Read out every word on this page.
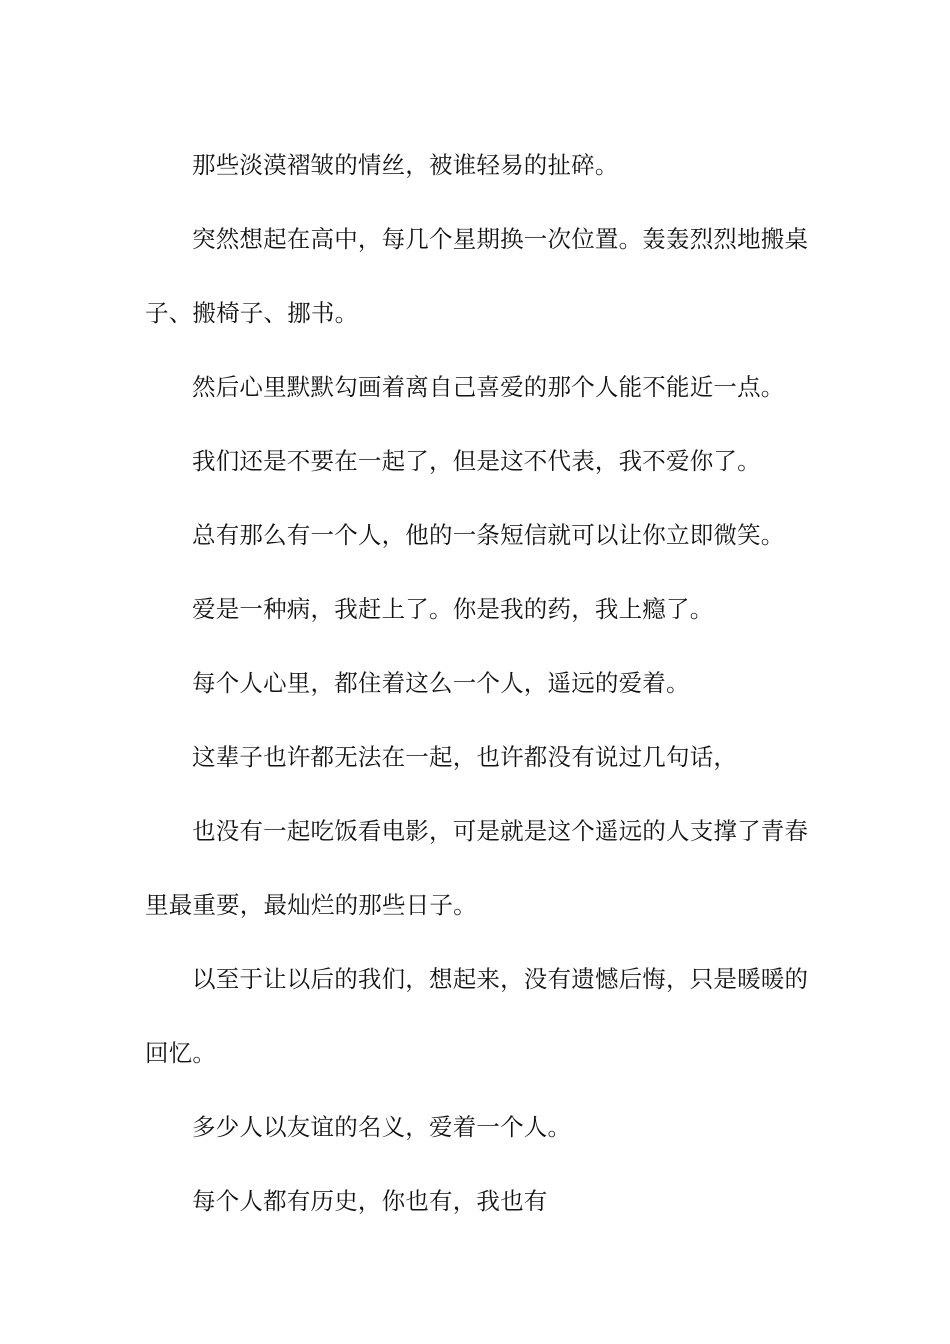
那些淡漠褶皱的情丝，被谁轻易的扯碎。

突然想起在高中，每几个星期换一次位置。轰轰烈烈地搬桌子、搬椅子、挪书。

然后心里默默勾画着离自己喜爱的那个人能不能近一点。

我们还是不要在一起了，但是这不代表，我不爱你了。

总有那么有一个人，他的一条短信就可以让你立即微笑。

爱是一种病，我赶上了。你是我的药，我上瘾了。

每个人心里，都住着这么一个人，遥远的爱着。

这辈子也许都无法在一起，也许都没有说过几句话，

也没有一起吃饭看电影，可是就是这个遥远的人支撑了青春里最重要，最灿烂的那些日子。

以至于让以后的我们，想起来，没有遗憾后悔，只是暖暖的回忆。

多少人以友谊的名义，爱着一个人。

每个人都有历史，你也有，我也有
